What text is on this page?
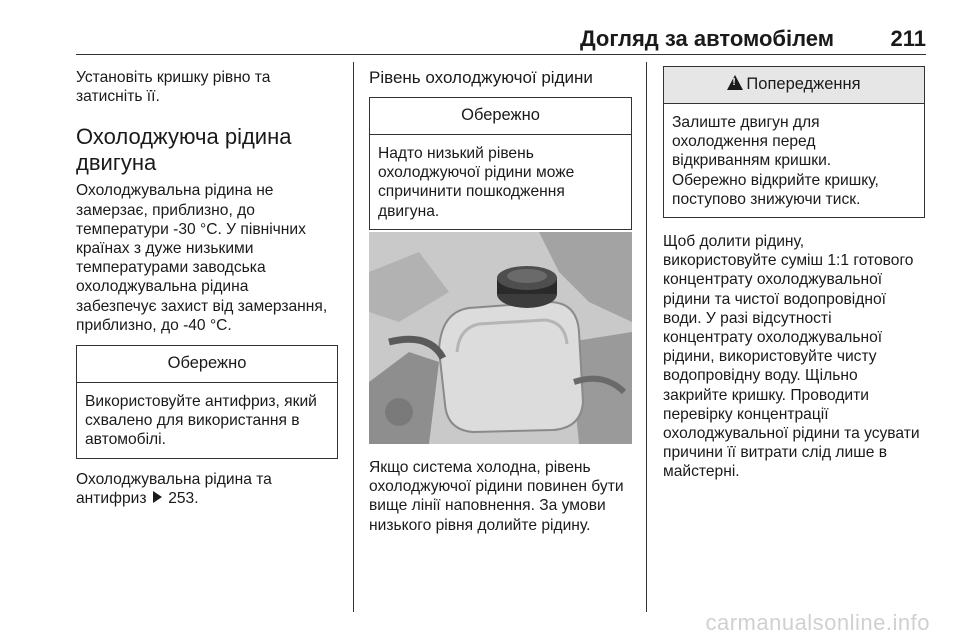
Догляд за автомобілем	211

Установіть кришку рівно та
затисніть її.

Охолоджуюча рідина
двигуна

Охолоджувальна рідина не
замерзає, приблизно, до
температури -30 °C. У північних
країнах з дуже низькими
температурами заводська
охолоджувальна рідина
забезпечує захист від замерзання,
приблизно, до -40 °C.

Обережно
Використовуйте антифриз, який
схвалено для використання в
автомобілі.

Охолоджувальна рідина та
антифриз 253.

Рівень охолоджуючої рідини
Обережно
Надто низький рівень
охолоджуючої рідини може
спричинити пошкодження
двигуна.

Якщо система холодна, рівень
охолоджуючої рідини повинен бути
вище лінії наповнення. За умови
низького рівня долийте рідину.

!Попередження
Залиште двигун для
охолодження перед
відкриванням кришки.
Обережно відкрийте кришку,
поступово знижуючи тиск.

Щоб долити рідину,
використовуйте суміш 1:1 готового
концентрату охолоджувальної
рідини та чистої водопровідної
води. У разі відсутності
концентрату охолоджувальної
рідини, використовуйте чисту
водопровідну воду. Щільно
закрийте кришку. Проводити
перевірку концентрації
охолоджувальної рідини та усувати
причини її витрати слід лише в
майстерні.

carmanualsonline.info
